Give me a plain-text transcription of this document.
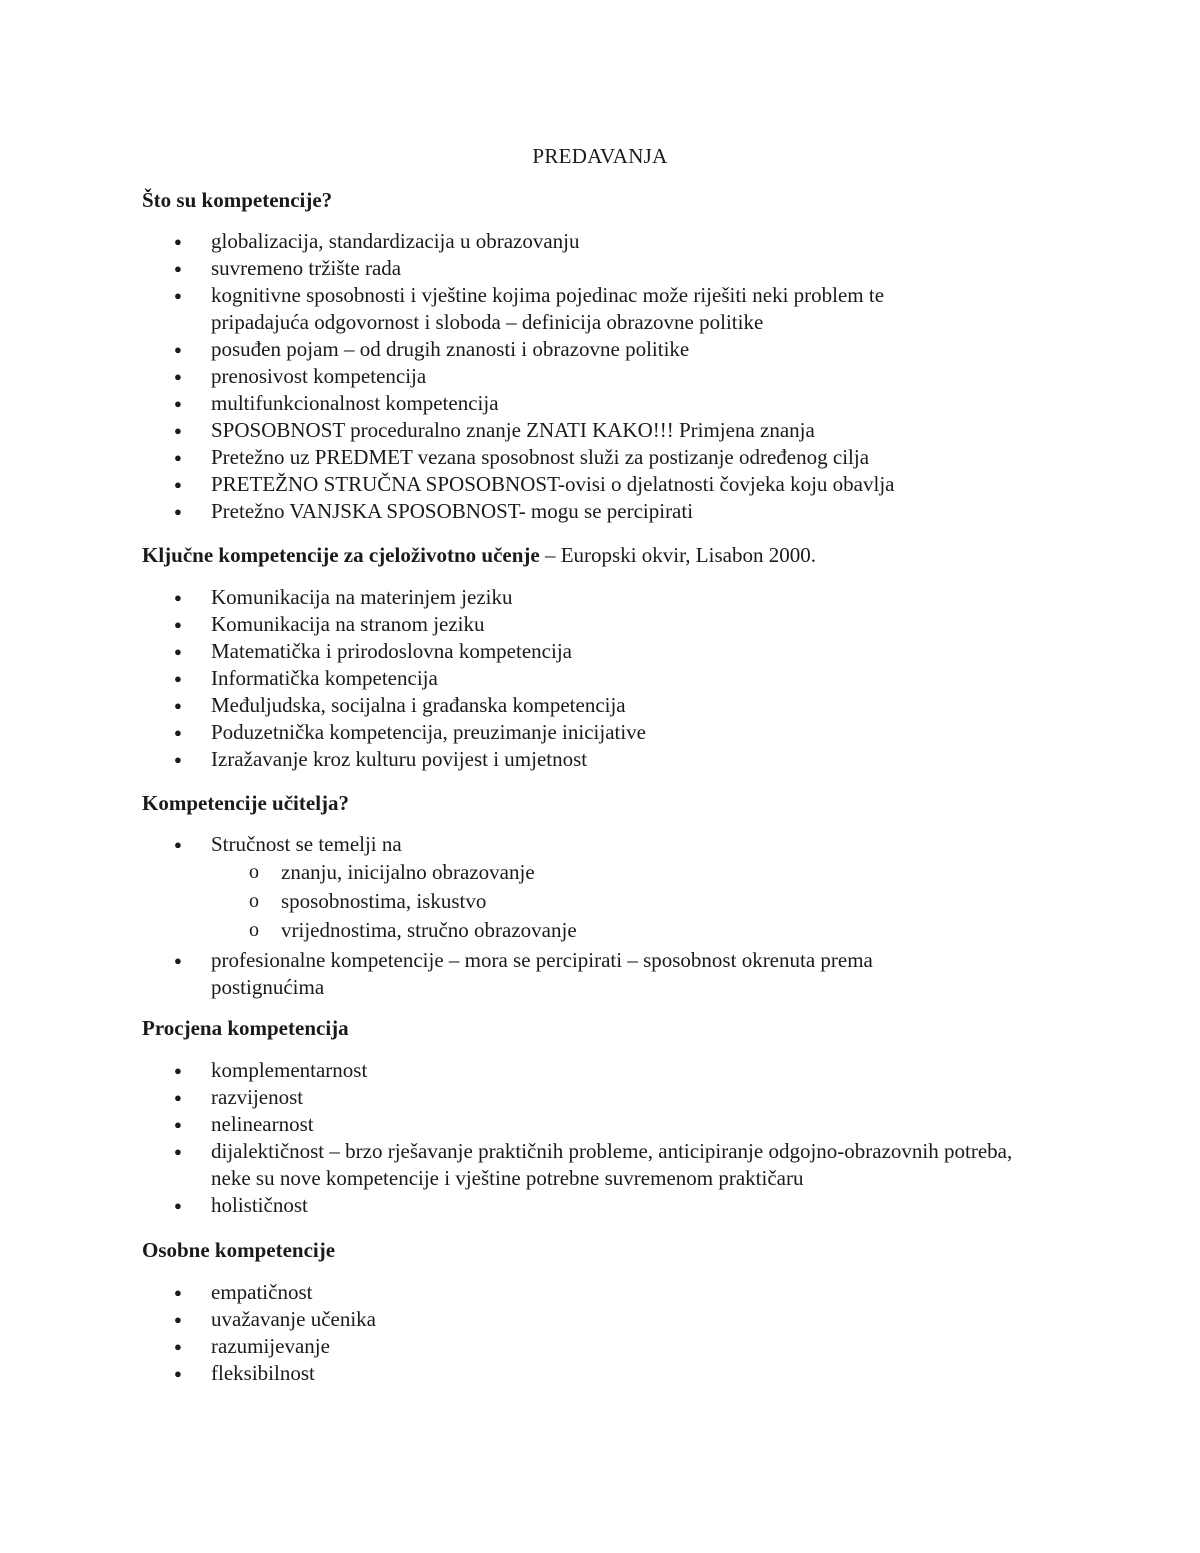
PREDAVANJA
Što su kompetencije?
● globalizacija, standardizacija u obrazovanju
● suvremeno tržište rada
● kognitivne sposobnosti i vještine kojima pojedinac može riješiti neki problem te pripadajuća odgovornost i sloboda – definicija obrazovne politike
● posuđen pojam – od drugih znanosti i obrazovne politike
● prenosivost kompetencija
● multifunkcionalnost kompetencija
● SPOSOBNOST proceduralno znanje ZNATI KAKO!!! Primjena znanja
● Pretežno uz PREDMET vezana sposobnost služi za postizanje određenog cilja
● PRETEŽNO STRUČNA SPOSOBNOST-ovisi o djelatnosti čovjeka koju obavlja
● Pretežno VANJSKA SPOSOBNOST- mogu se percipirati
Ključne kompetencije za cjeloživotno učenje – Europski okvir, Lisabon 2000.
● Komunikacija na materinjem jeziku
● Komunikacija na stranom jeziku
● Matematička i prirodoslovna kompetencija
● Informatička kompetencija
● Međuljudska, socijalna i građanska kompetencija
● Poduzetnička kompetencija, preuzimanje inicijative
● Izražavanje kroz kulturu povijest i umjetnost
Kompetencije učitelja?
● Stručnost se temelji na
o znanju, inicijalno obrazovanje
o sposobnostima, iskustvo
o vrijednostima, stručno obrazovanje
● profesionalne kompetencije – mora se percipirati – sposobnost okrenuta prema postignućima
Procjena kompetencija
● komplementarnost
● razvijenost
● nelinearnost
● dijalektičnost – brzo rješavanje praktičnih probleme, anticipiranje odgojno-obrazovnih potreba, neke su nove kompetencije i vještine potrebne suvremenom praktičaru
● holističnost
Osobne kompetencije
● empatičnost
● uvažavanje učenika
● razumijevanje
● fleksibilnost
